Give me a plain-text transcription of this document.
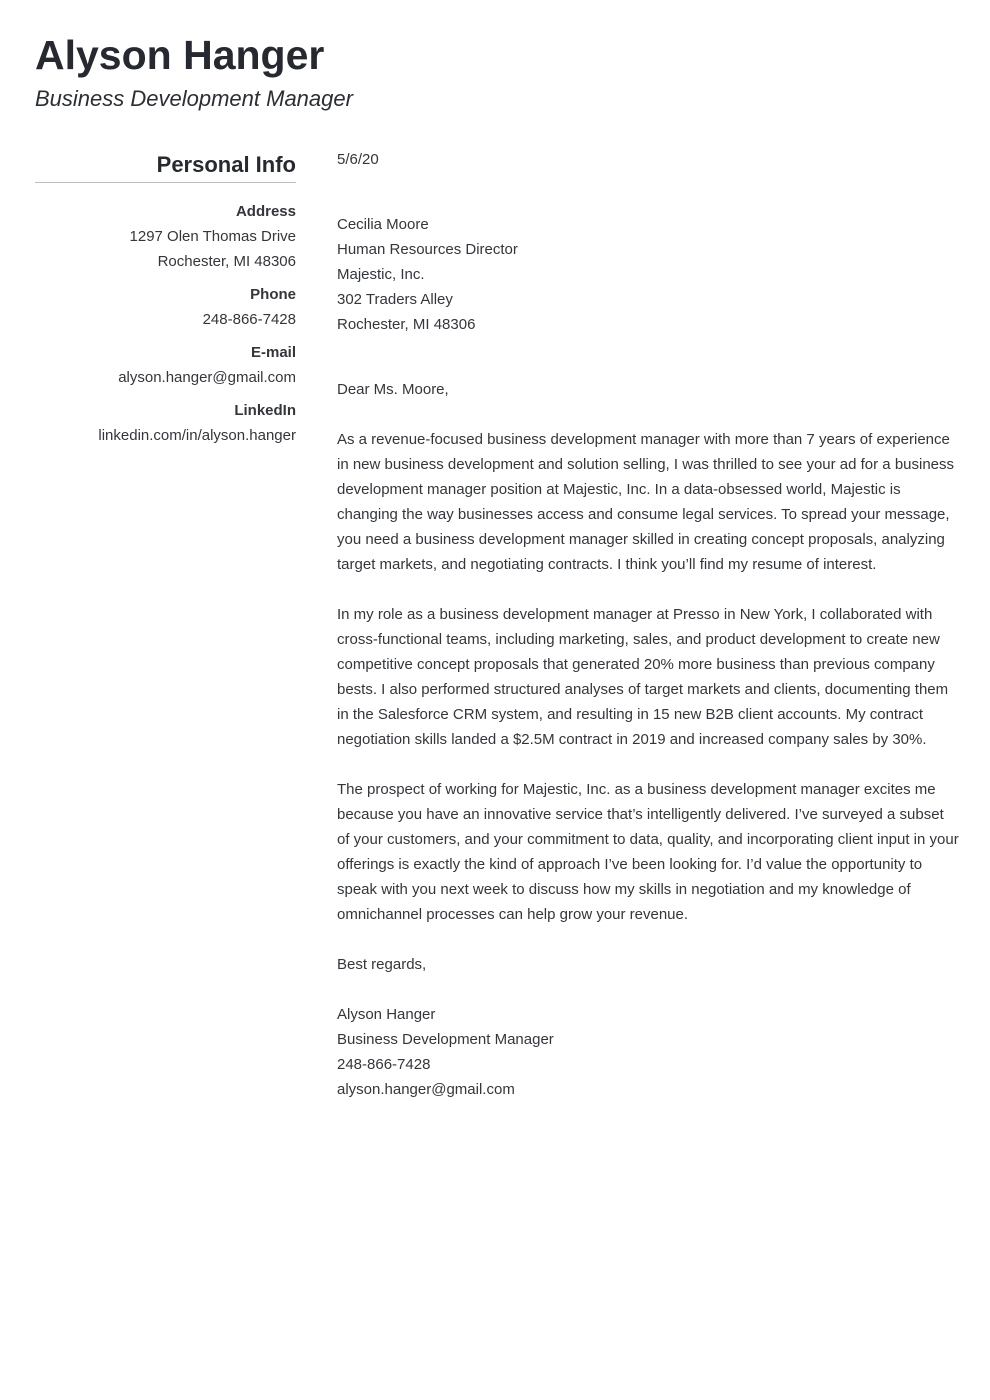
Alyson Hanger
Business Development Manager
Personal Info
Address
1297 Olen Thomas Drive
Rochester, MI 48306
Phone
248-866-7428
E-mail
alyson.hanger@gmail.com
LinkedIn
linkedin.com/in/alyson.hanger

5/6/20

Cecilia Moore
Human Resources Director
Majestic, Inc.
302 Traders Alley
Rochester, MI 48306

Dear Ms. Moore,

As a revenue-focused business development manager with more than 7 years of experience in new business development and solution selling, I was thrilled to see your ad for a business development manager position at Majestic, Inc. In a data-obsessed world, Majestic is changing the way businesses access and consume legal services. To spread your message, you need a business development manager skilled in creating concept proposals, analyzing target markets, and negotiating contracts. I think you’ll find my resume of interest.

In my role as a business development manager at Presso in New York, I collaborated with cross-functional teams, including marketing, sales, and product development to create new competitive concept proposals that generated 20% more business than previous company bests. I also performed structured analyses of target markets and clients, documenting them in the Salesforce CRM system, and resulting in 15 new B2B client accounts. My contract negotiation skills landed a $2.5M contract in 2019 and increased company sales by 30%.

The prospect of working for Majestic, Inc. as a business development manager excites me because you have an innovative service that’s intelligently delivered. I’ve surveyed a subset of your customers, and your commitment to data, quality, and incorporating client input in your offerings is exactly the kind of approach I’ve been looking for. I’d value the opportunity to speak with you next week to discuss how my skills in negotiation and my knowledge of omnichannel processes can help grow your revenue.

Best regards,

Alyson Hanger
Business Development Manager
248-866-7428
alyson.hanger@gmail.com
